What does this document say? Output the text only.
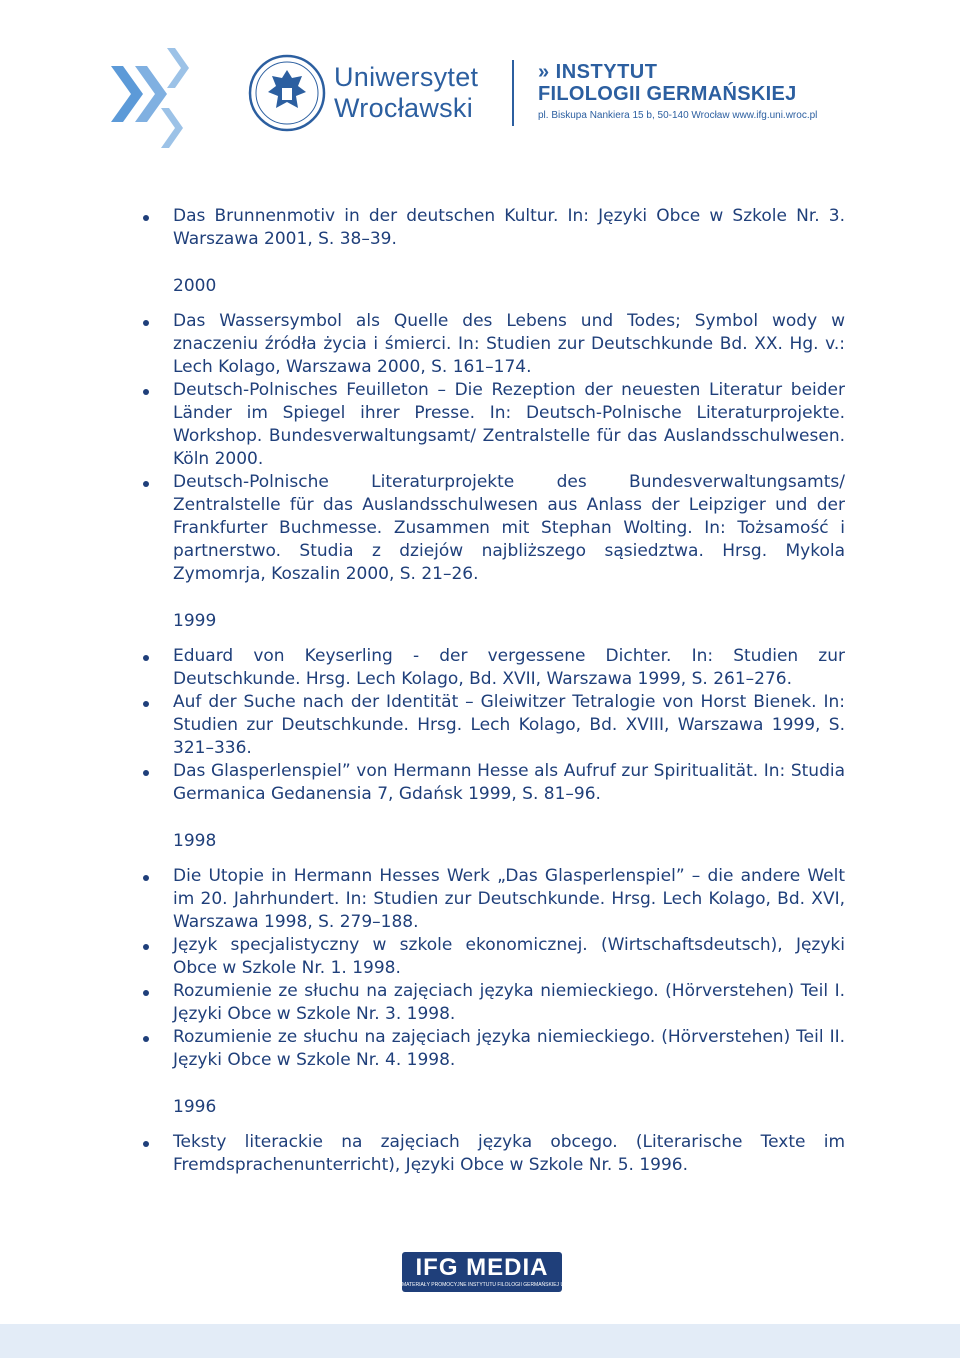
Uniwersytet
Wrocławski
» INSTYTUT
FILOLOGII GERMAŃSKIEJ
pl. Biskupa Nankiera 15 b, 50-140 Wrocław www.ifg.uni.wroc.pl
Das Brunnenmotiv in der deutschen Kultur. In: Języki Obce w Szkole Nr. 3. Warszawa 2001, S. 38–39.
2000
Das Wassersymbol als Quelle des Lebens und Todes; Symbol wody w znaczeniu źródła życia i śmierci. In: Studien zur Deutschkunde Bd. XX. Hg. v.: Lech Kolago, Warszawa 2000, S. 161–174.
Deutsch-Polnisches Feuilleton – Die Rezeption der neuesten Literatur beider Länder im Spiegel ihrer Presse. In: Deutsch-Polnische Literaturprojekte. Workshop. Bundesverwaltungsamt/ Zentralstelle für das Auslandsschulwesen. Köln 2000.
Deutsch-Polnische Literaturprojekte des Bundesverwaltungsamts/ Zentralstelle für das Auslandsschulwesen aus Anlass der Leipziger und der Frankfurter Buchmesse. Zusammen mit Stephan Wolting. In: Tożsamość i partnerstwo. Studia z dziejów najbliższego sąsiedztwa. Hrsg. Mykola Zymomrja, Koszalin 2000, S. 21–26.
1999
Eduard von Keyserling - der vergessene Dichter. In: Studien zur Deutschkunde. Hrsg. Lech Kolago, Bd. XVII, Warszawa 1999, S. 261–276.
Auf der Suche nach der Identität – Gleiwitzer Tetralogie von Horst Bienek. In: Studien zur Deutschkunde. Hrsg. Lech Kolago, Bd. XVIII, Warszawa 1999, S. 321–336.
Das Glasperlenspiel” von Hermann Hesse als Aufruf zur Spiritualität. In: Studia Germanica Gedanensia 7, Gdańsk 1999, S. 81–96.
1998
Die Utopie in Hermann Hesses Werk „Das Glasperlenspiel” – die andere Welt im 20. Jahrhundert. In: Studien zur Deutschkunde. Hrsg. Lech Kolago, Bd. XVI, Warszawa 1998, S. 279–188.
Język specjalistyczny w szkole ekonomicznej. (Wirtschaftsdeutsch), Języki Obce w Szkole Nr. 1. 1998.
Rozumienie ze słuchu na zajęciach języka niemieckiego. (Hörverstehen) Teil I. Języki Obce w Szkole Nr. 3. 1998.
Rozumienie ze słuchu na zajęciach języka niemieckiego. (Hörverstehen) Teil II. Języki Obce w Szkole Nr. 4. 1998.
1996
Teksty literackie na zajęciach języka obcego. (Literarische Texte im Fremdsprachenunterricht), Języki Obce w Szkole Nr. 5. 1996.
IFG MEDIA
MATERIAŁY PROMOCYJNE INSTYTUTU FILOLOGII GERMAŃSKIEJ UWr
